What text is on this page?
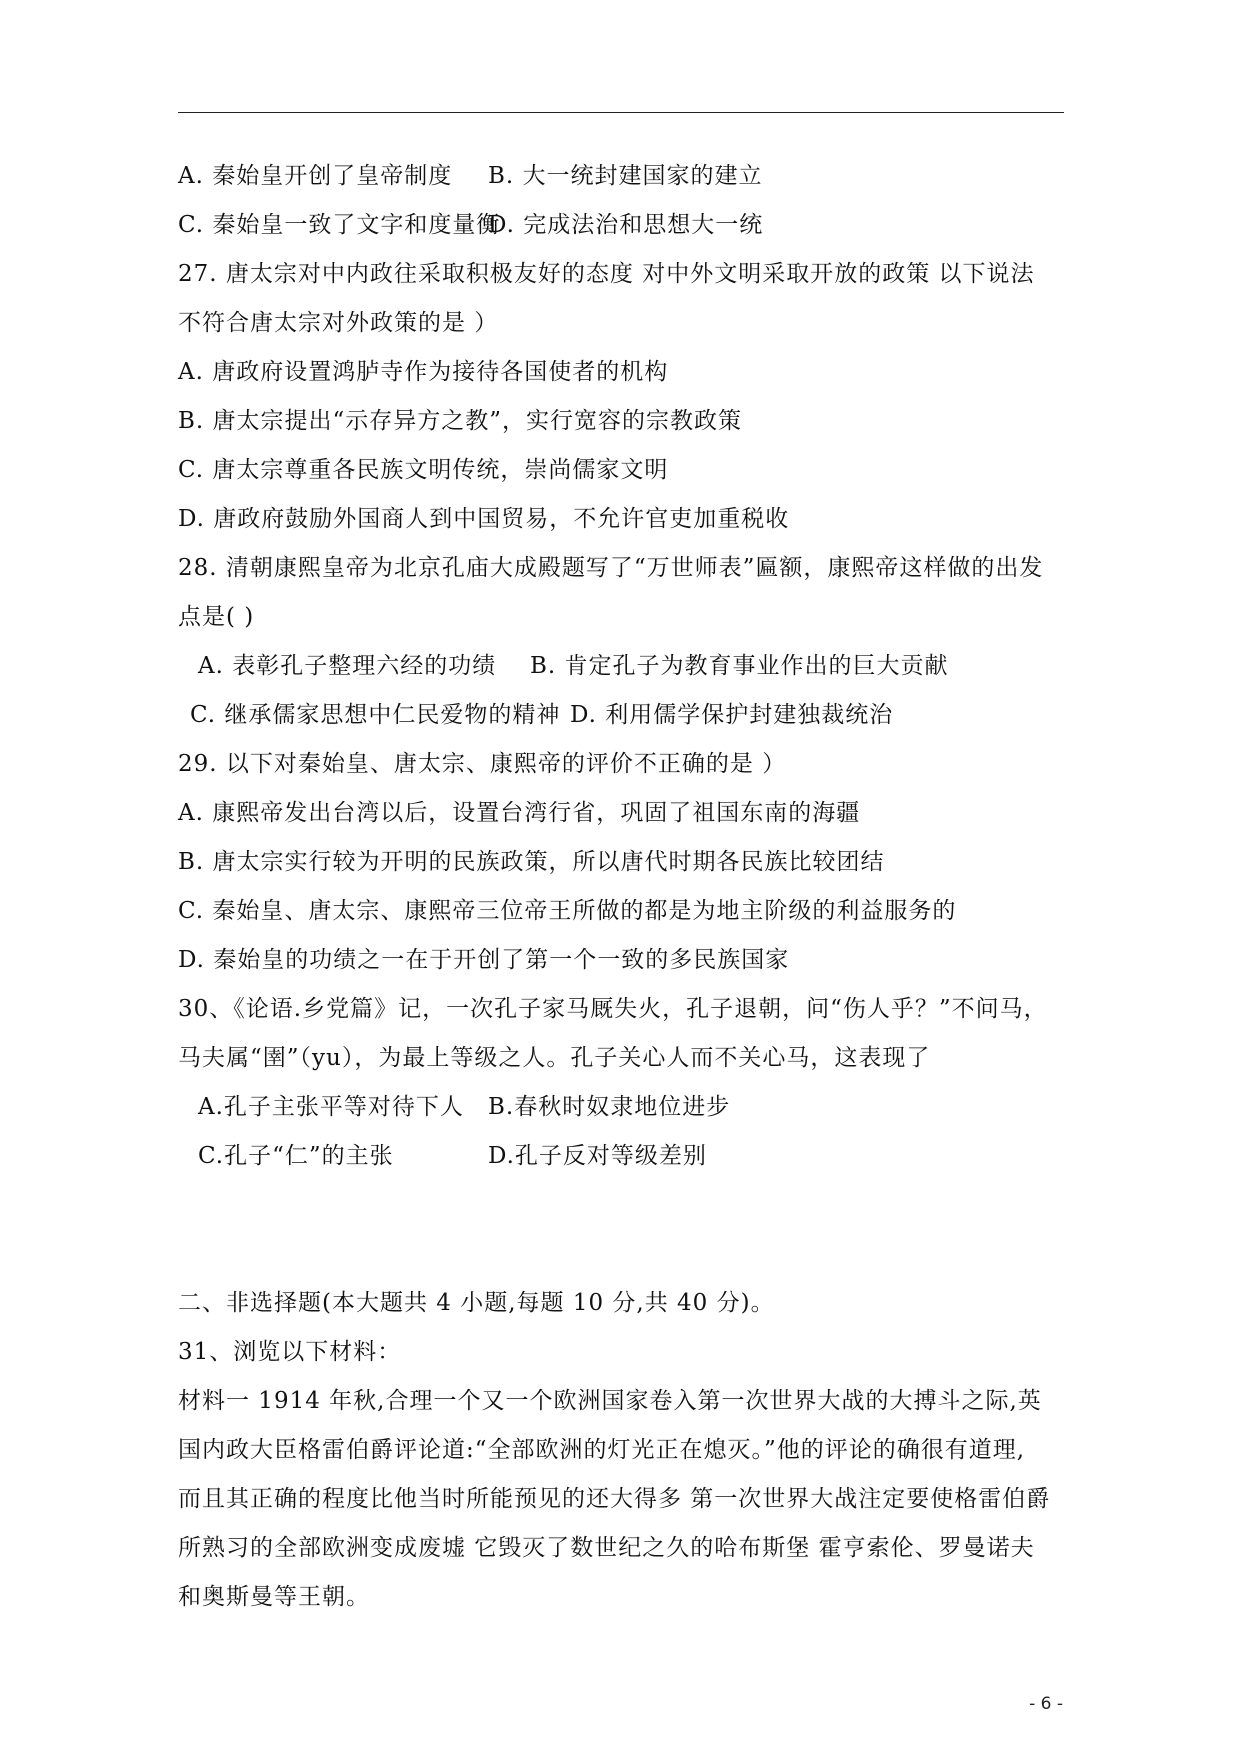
A. 秦始皇开创了皇帝制度	B. 大一统封建国家的建立
C. 秦始皇一致了文字和度量衡
D. 完成法治和思想大一统
27. 唐太宗对中内政往采取积极友好的态度 对中外文明采取开放的政策 以下说法
不符合唐太宗对外政策的是 ）
A. 唐政府设置鸿胪寺作为接待各国使者的机构
B. 唐太宗提出“示存异方之教”，实行宽容的宗教政策
C. 唐太宗尊重各民族文明传统，崇尚儒家文明
D. 唐政府鼓励外国商人到中国贸易，不允许官吏加重税收
28. 清朝康熙皇帝为北京孔庙大成殿题写了“万世师表”匾额，康熙帝这样做的出发
点是( )
A. 表彰孔子整理六经的功绩	B. 肯定孔子为教育事业作出的巨大贡献
C. 继承儒家思想中仁民爱物的精神 D. 利用儒学保护封建独裁统治
29. 以下对秦始皇、唐太宗、康熙帝的评价不正确的是 ）
A. 康熙帝发出台湾以后，设置台湾行省，巩固了祖国东南的海疆
B. 唐太宗实行较为开明的民族政策，所以唐代时期各民族比较团结
C. 秦始皇、唐太宗、康熙帝三位帝王所做的都是为地主阶级的利益服务的
D. 秦始皇的功绩之一在于开创了第一个一致的多民族国家
30、《论语.乡党篇》记，一次孔子家马厩失火，孔子退朝，问“伤人乎？”不问马，
马夫属“圉”（yu），为最上等级之人。孔子关心人而不关心马，这表现了
A.孔子主张平等对待下人	B.春秋时奴隶地位进步
C.孔子“仁”的主张	D.孔子反对等级差别
二、非选择题(本大题共 4 小题,每题 10 分,共 40 分)。
31、浏览以下材料：
材料一 1914 年秋,合理一个又一个欧洲国家卷入第一次世界大战的大搏斗之际,英
国内政大臣格雷伯爵评论道:“全部欧洲的灯光正在熄灭。”他的评论的确很有道理,
而且其正确的程度比他当时所能预见的还大得多 第一次世界大战注定要使格雷伯爵
所熟习的全部欧洲变成废墟 它毁灭了数世纪之久的哈布斯堡 霍亨索伦、罗曼诺夫
和奥斯曼等王朝。
- 6 -
